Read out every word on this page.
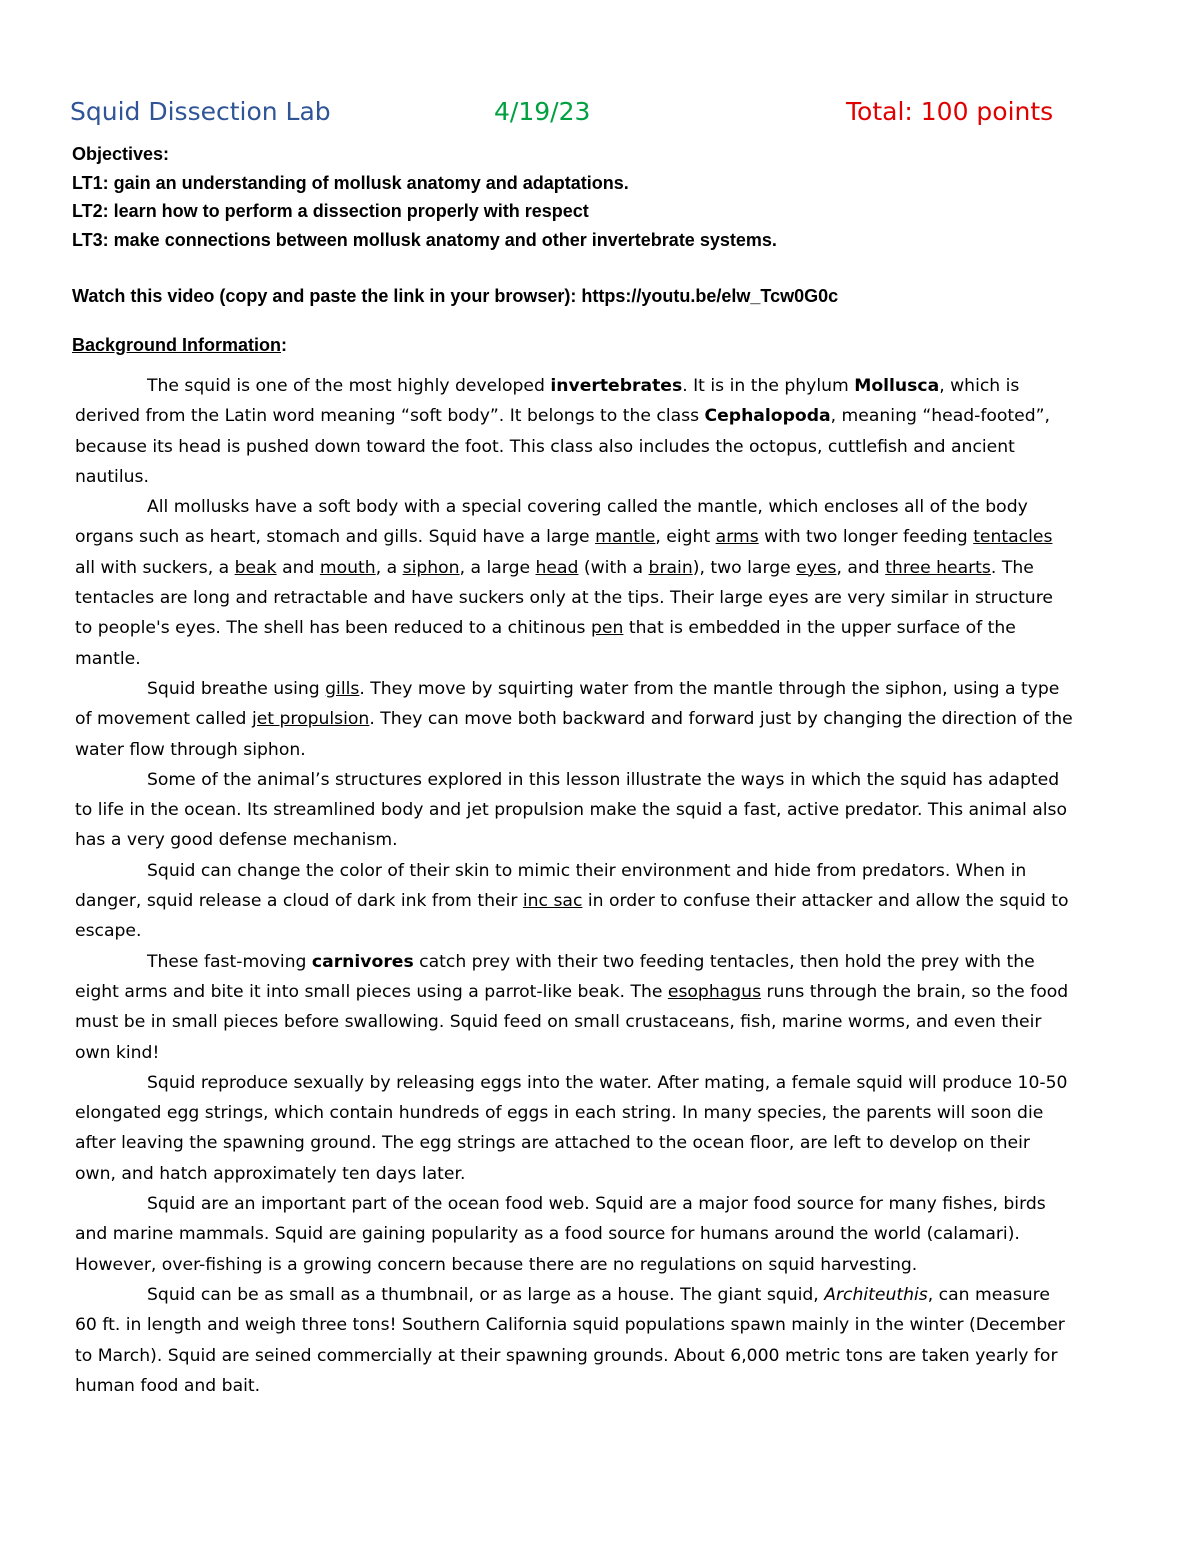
Squid Dissection Lab	4/19/23	Total: 100 points
Objectives:
LT1: gain an understanding of mollusk anatomy and adaptations.
LT2: learn how to perform a dissection properly with respect
LT3: make connections between mollusk anatomy and other invertebrate systems.
Watch this video (copy and paste the link in your browser): https://youtu.be/elw_Tcw0G0c
Background Information:

The squid is one of the most highly developed invertebrates. It is in the phylum Mollusca, which is derived from the Latin word meaning “soft body”. It belongs to the class Cephalopoda, meaning “head-footed”, because its head is pushed down toward the foot. This class also includes the octopus, cuttlefish and ancient nautilus.

All mollusks have a soft body with a special covering called the mantle, which encloses all of the body organs such as heart, stomach and gills. Squid have a large mantle, eight arms with two longer feeding tentacles all with suckers, a beak and mouth, a siphon, a large head (with a brain), two large eyes, and three hearts. The tentacles are long and retractable and have suckers only at the tips. Their large eyes are very similar in structure to people's eyes. The shell has been reduced to a chitinous pen that is embedded in the upper surface of the mantle.

Squid breathe using gills. They move by squirting water from the mantle through the siphon, using a type of movement called jet propulsion. They can move both backward and forward just by changing the direction of the water flow through siphon.

Some of the animal’s structures explored in this lesson illustrate the ways in which the squid has adapted to life in the ocean. Its streamlined body and jet propulsion make the squid a fast, active predator. This animal also has a very good defense mechanism.

Squid can change the color of their skin to mimic their environment and hide from predators. When in danger, squid release a cloud of dark ink from their inc sac in order to confuse their attacker and allow the squid to escape.

These fast-moving carnivores catch prey with their two feeding tentacles, then hold the prey with the eight arms and bite it into small pieces using a parrot-like beak. The esophagus runs through the brain, so the food must be in small pieces before swallowing. Squid feed on small crustaceans, fish, marine worms, and even their own kind!

Squid reproduce sexually by releasing eggs into the water. After mating, a female squid will produce 10-50 elongated egg strings, which contain hundreds of eggs in each string. In many species, the parents will soon die after leaving the spawning ground. The egg strings are attached to the ocean floor, are left to develop on their own, and hatch approximately ten days later.

Squid are an important part of the ocean food web. Squid are a major food source for many fishes, birds and marine mammals. Squid are gaining popularity as a food source for humans around the world (calamari). However, over-fishing is a growing concern because there are no regulations on squid harvesting.

Squid can be as small as a thumbnail, or as large as a house. The giant squid, Architeuthis, can measure 60 ft. in length and weigh three tons! Southern California squid populations spawn mainly in the winter (December to March). Squid are seined commercially at their spawning grounds. About 6,000 metric tons are taken yearly for human food and bait.
